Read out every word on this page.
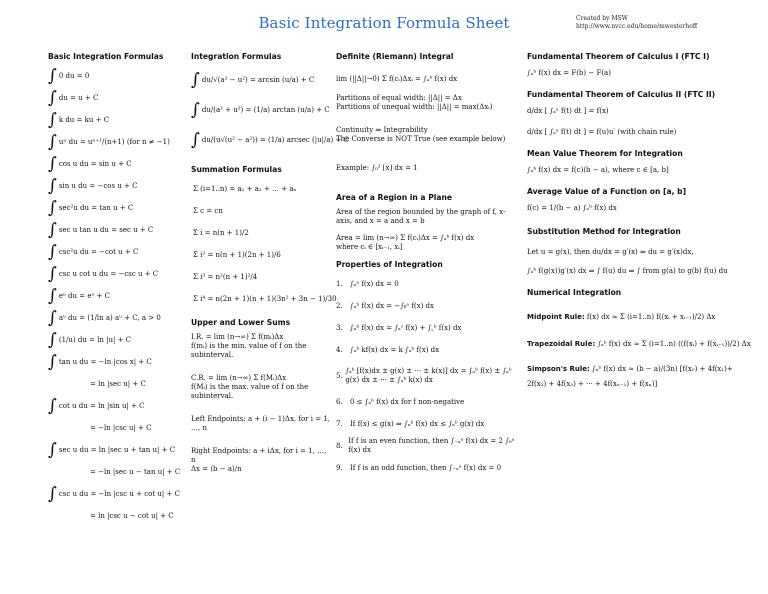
Basic Integration Formula Sheet	Created by MSW
http://www.nvcc.edu/home/mwesterhoff
Basic Integration Formulas
∫ 0 du = 0
∫ du = u + C
∫ k du = ku + C
∫ uⁿ du = uⁿ⁺¹/(n+1) (for n ≠ −1)
∫ cos u du = sin u + C
∫ sin u du = −cos u + C
∫ sec²u du = tan u + C
∫ sec u tan u du = sec u + C
∫ csc²u du = −cot u + C
∫ csc u cot u du = −csc u + C
∫ eᵘ du = eᵘ + C
∫ aᵘ du = (1/ln a) aᵘ + C, a > 0
∫ (1/u) du = ln |u| + C
∫ tan u du = −ln |cos x| + C
= ln |sec u| + C
∫ cot u du = ln |sin u| + C
= −ln |csc u| + C
∫ sec u du = ln |sec u + tan u| + C
= −ln |sec u − tan u| + C
∫ csc u du = −ln |csc u + cot u| + C
= ln |csc u − cot u| + C
Integration Formulas
∫ du/√(a² − u²) = arcsin (u/a) + C
∫ du/(a² + u²) = (1/a) arctan (u/a) + C
∫ du/(u√(u² − a²)) = (1/a) arcsec (|u|/a) + C
Summation Formulas
Σ (i=1..n) = a₁ + a₂ + … + aₙ
Σ c = cn
Σ i = n(n + 1)/2
Σ i² = n(n + 1)(2n + 1)/6
Σ i³ = n²(n + 1)²/4
Σ i⁴ = n(2n + 1)(n + 1)(3n² + 3n − 1)/30
Upper and Lower Sums
I.R. = lim (n→∞) Σ f(mᵢ)Δx
f(mᵢ) is the min. value of f on the subinterval.
C.R. = lim (n→∞) Σ f(Mᵢ)Δx
f(Mᵢ) is the max. value of f on the subinterval.
Left Endpoints: a + (i − 1)Δx, for i = 1, …, n
Right Endpoints: a + iΔx, for i = 1, …, n
Δx = (b − a)/n
Definite (Riemann) Integral
lim (||Δ||→0) Σ f(cᵢ)Δxᵢ = ∫ₐᵇ f(x) dx
Partitions of equal width: ||Δ|| = Δx
Partitions of unequal width: ||Δ|| = max(Δxᵢ)
Continuity ⇒ Integrability
The Converse is NOT True (see example below)
Example: ∫₀² ⌊x⌋ dx = 1
Area of a Region in a Plane
Area of the region bounded by the graph of f, x-axis, and x = a and x = b
Area = lim (n→∞) Σ f(cᵢ)Δx = ∫ₐᵇ f(x) dx
where cᵢ ∈ [xᵢ₋₁, xᵢ]
Properties of Integration
1.	∫ₐᵃ f(x) dx = 0
2.	∫ₐᵇ f(x) dx = −∫ᵦᵃ f(x) dx
3.	∫ₐᵇ f(x) dx = ∫ₐᶜ f(x) + ∫꜀ᵇ f(x) dx
4.	∫ₐᵇ kf(x) dx = k ∫ₐᵇ f(x) dx
5.
∫ₐᵇ [f(x)dx ± g(x) ± ··· ± k(x)] dx = ∫ₐᵇ f(x) ± ∫ₐᵇ g(x) dx ± ··· ± ∫ₐᵇ k(x) dx
6.	0 ≤ ∫ₐᵇ f(x) dx for f non-negative
7.	If f(x) ≤ g(x) ⇒ ∫ₐᵇ f(x) dx ≤ ∫ₐᵇ g(x) dx
8.
If f is an even function, then ∫₋ₐᵃ f(x) dx = 2 ∫₀ᵃ f(x) dx
9.	If f is an odd function, then ∫₋ₐᵃ f(x) dx = 0
Fundamental Theorem of Calculus I (FTC I)
∫ₐᵇ f(x) dx = F(b) − F(a)
Fundamental Theorem of Calculus II (FTC II)
d/dx [ ∫ₐˣ f(t) dt ] = f(x)
d/dx [ ∫ₐᵘ f(t) dt ] = f(u)u′ (with chain rule)
Mean Value Theorem for Integration
∫ₐᵇ f(x) dx = f(c)(b − a), where c ∈ [a, b]
Average Value of a Function on [a, b]
f(c) = 1/(b − a) ∫ₐᵇ f(x) dx
Substitution Method for Integration
Let u = g(x), then du/dx = g′(x) ⇒ du = g′(x)dx,
∫ₐᵇ f(g(x))g′(x) dx ⇒ ∫ f(u) du ⇒ ∫ from g(a) to g(b) f(u) du
Numerical Integration
Midpoint Rule: f(x) dx ≈ Σ (i=1..n) f((xᵢ + xᵢ₋₁)/2) Δx
Trapezoidal Rule: ∫ₐᵇ f(x) dx ≈ Σ (i=1..n) ((f(xᵢ) + f(xᵢ₋₁))/2) Δx
Simpson's Rule: ∫ₐᵇ f(x) dx ≈ (b − a)/(3n) [f(x₀) + 4f(x₁)+
2f(x₂) + 4f(x₃) + ··· + 4f(xₙ₋₁) + f(xₙ)]
